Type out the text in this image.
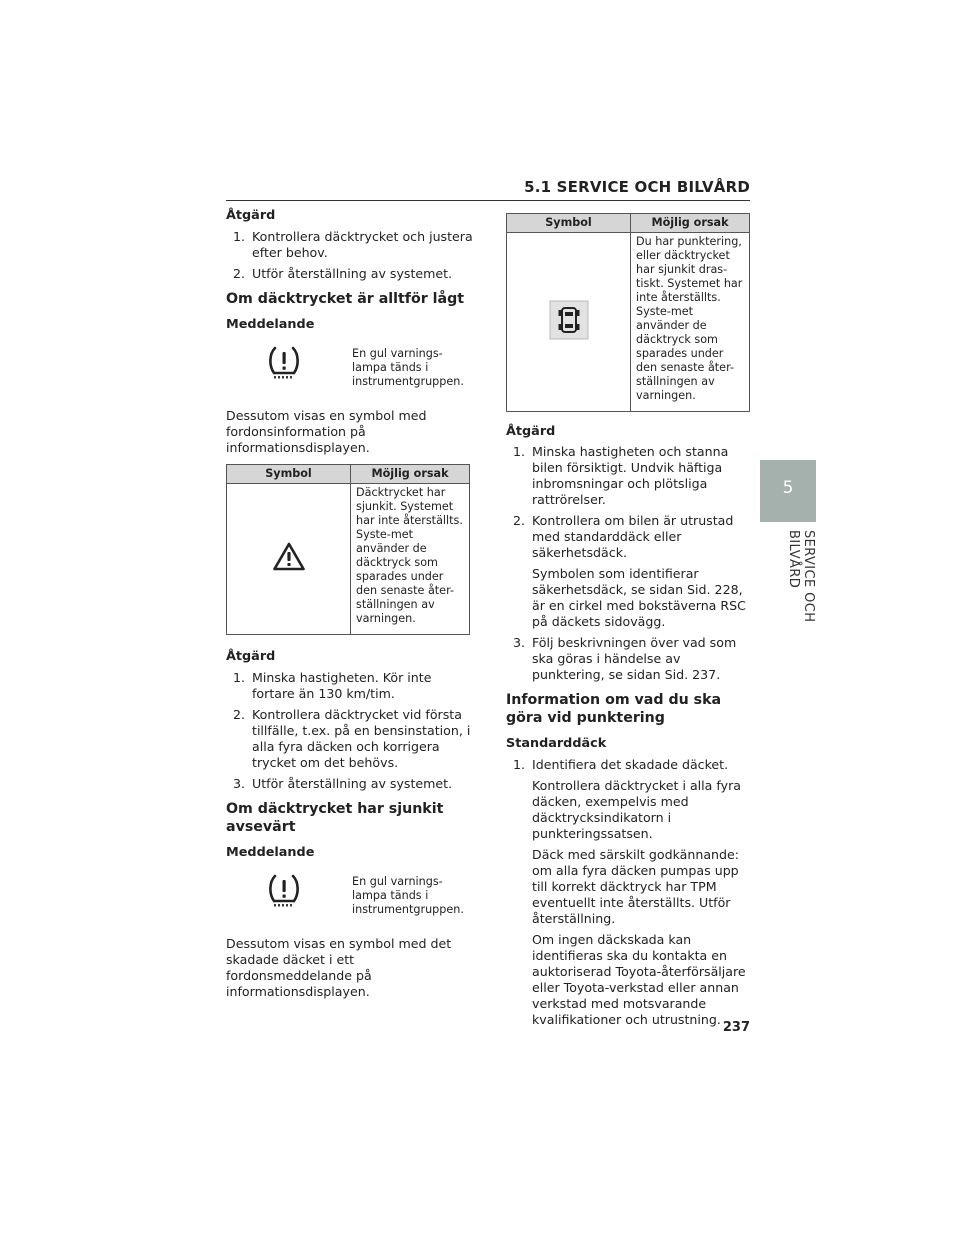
5.1 SERVICE OCH BILVÅRD
5
SERVICE OCH BILVÅRD

Åtgärd

1. Kontrollera däcktrycket och justera efter behov.
2. Utför återställning av systemet.

Om däcktrycket är alltför lågt

Meddelande

En gul varnings-lampa tänds i instrumentgruppen.

Dessutom visas en symbol med fordonsinformation på informationsdisplayen.

Symbol	Möjlig orsak
	Däcktrycket har sjunkit. Systemet har inte återställts. Syste-met använder de däcktryck som sparades under den senaste åter-ställningen av varningen.

Åtgärd

1. Minska hastigheten. Kör inte fortare än 130 km/tim.
2. Kontrollera däcktrycket vid första tillfälle, t.ex. på en bensinstation, i alla fyra däcken och korrigera trycket om det behövs.
3. Utför återställning av systemet.

Om däcktrycket har sjunkit avsevärt

Meddelande

En gul varnings-lampa tänds i instrumentgruppen.

Dessutom visas en symbol med det skadade däcket i ett fordonsmeddelande på informationsdisplayen.

Symbol	Möjlig orsak
	Du har punktering, eller däcktrycket har sjunkit dras-tiskt. Systemet har inte återställts. Syste-met använder de däcktryck som sparades under den senaste åter-ställningen av varningen.

Åtgärd

1. Minska hastigheten och stanna bilen försiktigt. Undvik häftiga inbromsningar och plötsliga rattrörelser.
2. Kontrollera om bilen är utrustad med standarddäck eller säkerhetsdäck.

Symbolen som identifierar säkerhetsdäck, se sidan Sid. 228, är en cirkel med bokstäverna RSC på däckets sidovägg.

3. Följ beskrivningen över vad som ska göras i händelse av punktering, se sidan Sid. 237.

Information om vad du ska göra vid punktering

Standarddäck

1. Identifiera det skadade däcket.

Kontrollera däcktrycket i alla fyra däcken, exempelvis med däcktrycksindikatorn i punkteringssatsen.

Däck med särskilt godkännande: om alla fyra däcken pumpas upp till korrekt däcktryck har TPM eventuellt inte återställts. Utför återställning.

Om ingen däckskada kan identifieras ska du kontakta en auktoriserad Toyota-återförsäljare eller Toyota-verkstad eller annan verkstad med motsvarande kvalifikationer och utrustning.

237
